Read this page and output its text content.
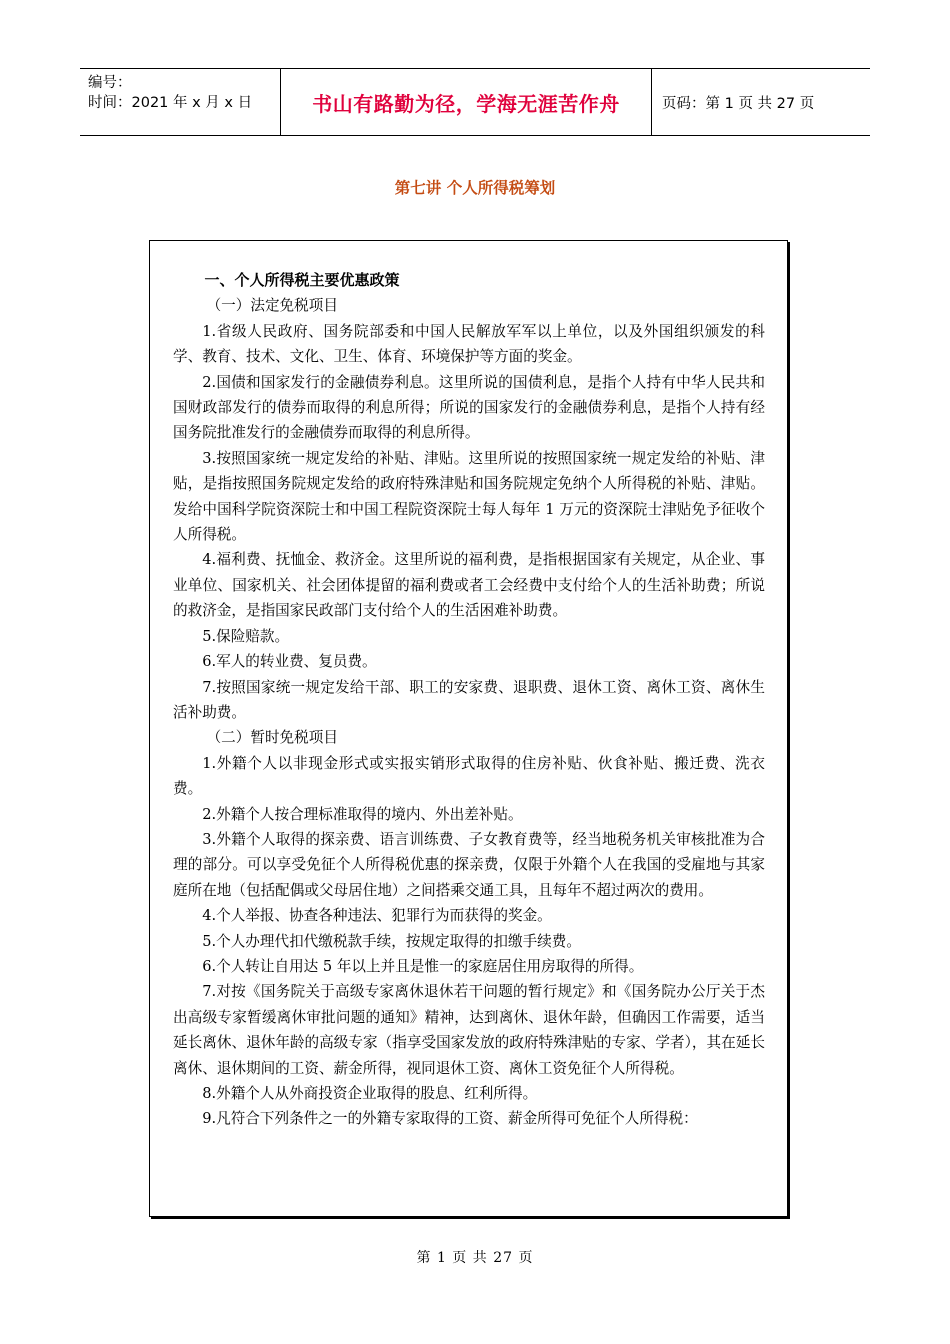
编号：
时间：2021 年 x 月 x 日	书山有路勤为径，学海无涯苦作舟	页码：第 1 页 共 27 页
第七讲 个人所得税筹划

一、个人所得税主要优惠政策

（一）法定免税项目

1.省级人民政府、国务院部委和中国人民解放军军以上单位，以及外国组织颁发的科学、教育、技术、文化、卫生、体育、环境保护等方面的奖金。

2.国债和国家发行的金融债券利息。这里所说的国债利息，是指个人持有中华人民共和国财政部发行的债券而取得的利息所得；所说的国家发行的金融债券利息，是指个人持有经国务院批准发行的金融债券而取得的利息所得。

3.按照国家统一规定发给的补贴、津贴。这里所说的按照国家统一规定发给的补贴、津贴，是指按照国务院规定发给的政府特殊津贴和国务院规定免纳个人所得税的补贴、津贴。发给中国科学院资深院士和中国工程院资深院士每人每年 1 万元的资深院士津贴免予征收个人所得税。

4.福利费、抚恤金、救济金。这里所说的福利费，是指根据国家有关规定，从企业、事业单位、国家机关、社会团体提留的福利费或者工会经费中支付给个人的生活补助费；所说的救济金，是指国家民政部门支付给个人的生活困难补助费。

5.保险赔款。

6.军人的转业费、复员费。

7.按照国家统一规定发给干部、职工的安家费、退职费、退休工资、离休工资、离休生活补助费。

（二）暂时免税项目

1.外籍个人以非现金形式或实报实销形式取得的住房补贴、伙食补贴、搬迁费、洗衣费。

2.外籍个人按合理标准取得的境内、外出差补贴。

3.外籍个人取得的探亲费、语言训练费、子女教育费等，经当地税务机关审核批准为合理的部分。可以享受免征个人所得税优惠的探亲费，仅限于外籍个人在我国的受雇地与其家庭所在地（包括配偶或父母居住地）之间搭乘交通工具，且每年不超过两次的费用。

4.个人举报、协查各种违法、犯罪行为而获得的奖金。

5.个人办理代扣代缴税款手续，按规定取得的扣缴手续费。

6.个人转让自用达 5 年以上并且是惟一的家庭居住用房取得的所得。

7.对按《国务院关于高级专家离休退休若干问题的暂行规定》和《国务院办公厅关于杰出高级专家暂缓离休审批问题的通知》精神，达到离休、退休年龄，但确因工作需要，适当延长离休、退休年龄的高级专家（指享受国家发放的政府特殊津贴的专家、学者），其在延长离休、退休期间的工资、薪金所得，视同退休工资、离休工资免征个人所得税。

8.外籍个人从外商投资企业取得的股息、红利所得。

9.凡符合下列条件之一的外籍专家取得的工资、薪金所得可免征个人所得税：

第 1 页 共 27 页
